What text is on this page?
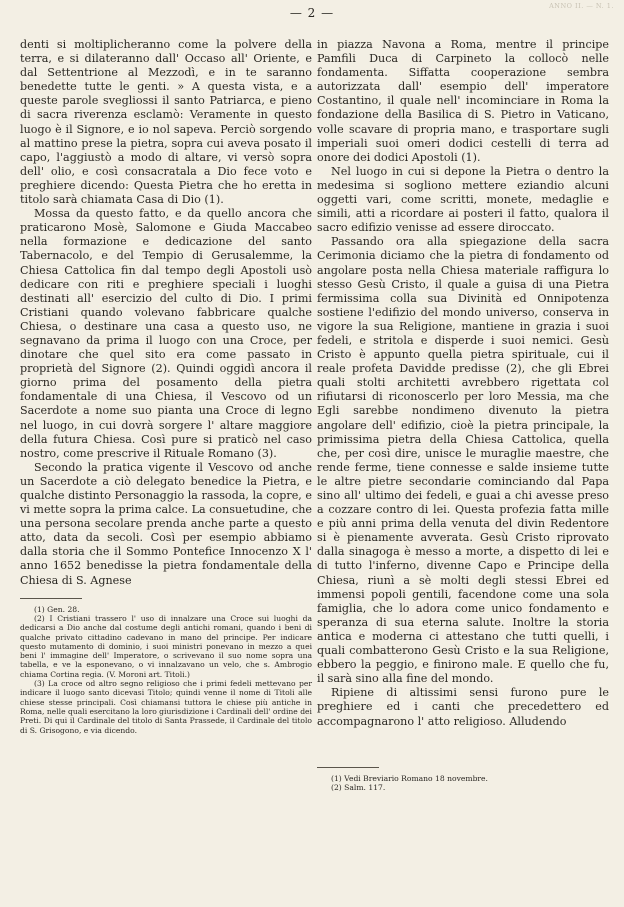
ANNO II. — N. 1.
— 2 —

denti si moltiplicheranno come la polvere della terra, e si dilateranno dall' Occaso all' Oriente, e dal Settentrione al Mezzodì, e in te saranno benedette tutte le genti. » A questa vista, e a queste parole svegliossi il santo Patriarca, e pieno di sacra riverenza esclamò: Veramente in questo luogo è il Signore, e io nol sapeva. Perciò sorgendo al mattino prese la pietra, sopra cui aveva posato il capo, l'aggiustò a modo di altare, vi versò sopra dell' olio, e così consacratala a Dio fece voto e preghiere dicendo: Questa Pietra che ho eretta in titolo sarà chiamata Casa di Dio (1).

Mossa da questo fatto, e da quello ancora che praticarono Mosè, Salomone e Giuda Maccabeo nella formazione e dedicazione del santo Tabernacolo, e del Tempio di Gerusalemme, la Chiesa Cattolica fin dal tempo degli Apostoli usò dedicare con riti e preghiere speciali i luoghi destinati all' esercizio del culto di Dio. I primi Cristiani quando volevano fabbricare qualche Chiesa, o destinare una casa a questo uso, ne segnavano da prima il luogo con una Croce, per dinotare che quel sito era come passato in proprietà del Signore (2). Quindi oggidì ancora il giorno prima del posamento della pietra fondamentale di una Chiesa, il Vescovo od un Sacerdote a nome suo pianta una Croce di legno nel luogo, in cui dovrà sorgere l' altare maggiore della futura Chiesa. Così pure si praticò nel caso nostro, come prescrive il Rituale Romano (3).

Secondo la pratica vigente il Vescovo od anche un Sacerdote a ciò delegato benedice la Pietra, e qualche distinto Personaggio la rassoda, la copre, e vi mette sopra la prima calce. La consuetudine, che una persona secolare prenda anche parte a questo atto, data da secoli. Così per esempio abbiamo dalla storia che il Sommo Pontefice Innocenzo X l' anno 1652 benedisse la pietra fondamentale della Chiesa di S. Agnese

(1) Gen. 28.

(2) I Cristiani trassero l' uso di innalzare una Croce sui luoghi da dedicarsi a Dio anche dal costume degli antichi romani, quando i beni di qualche privato cittadino cadevano in mano del principe. Per indicare questo mutamento di dominio, i suoi ministri ponevano in mezzo a quei beni l' immagine dell' Imperatore, o scrivevano il suo nome sopra una tabella, e ve la esponevano, o vi innalzavano un velo, che s. Ambrogio chiama Cortina regia. (V. Moroni art. Titoli.)

(3) La croce od altro segno religioso che i primi fedeli mettevano per indicare il luogo santo dicevasi Titolo; quindi venne il nome di Titoli alle chiese stesse principali. Così chiamansi tuttora le chiese più antiche in Roma, nelle quali esercitano la loro giurisdizione i Cardinali dell' ordine dei Preti. Di qui il Cardinale del titolo di Santa Prassede, il Cardinale del titolo di S. Grisogono, e via dicendo.

in piazza Navona a Roma, mentre il principe Pamfili Duca di Carpineto la collocò nelle fondamenta. Siffatta cooperazione sembra autorizzata dall' esempio dell' imperatore Costantino, il quale nell' incominciare in Roma la fondazione della Basilica di S. Pietro in Vaticano, volle scavare di propria mano, e trasportare sugli imperiali suoi omeri dodici cestelli di terra ad onore dei dodici Apostoli (1).

Nel luogo in cui si depone la Pietra o dentro la medesima si sogliono mettere eziandio alcuni oggetti vari, come scritti, monete, medaglie e simili, atti a ricordare ai posteri il fatto, qualora il sacro edifizio venisse ad essere diroccato.

Passando ora alla spiegazione della sacra Cerimonia diciamo che la pietra di fondamento od angolare posta nella Chiesa materiale raffigura lo stesso Gesù Cristo, il quale a guisa di una Pietra fermissima colla sua Divinità ed Onnipotenza sostiene l'edifizio del mondo universo, conserva in vigore la sua Religione, mantiene in grazia i suoi fedeli, e stritola e disperde i suoi nemici. Gesù Cristo è appunto quella pietra spirituale, cui il reale profeta Davidde predisse (2), che gli Ebrei quali stolti architetti avrebbero rigettata col rifiutarsi di riconoscerlo per loro Messia, ma che Egli sarebbe nondimeno divenuto la pietra angolare dell' edifizio, cioè la pietra principale, la primissima pietra della Chiesa Cattolica, quella che, per così dire, unisce le muraglie maestre, che rende ferme, tiene connesse e salde insieme tutte le altre pietre secondarie cominciando dal Papa sino all' ultimo dei fedeli, e guai a chi avesse preso a cozzare contro di lei. Questa profezia fatta mille e più anni prima della venuta del divin Redentore si è pienamente avverata. Gesù Cristo riprovato dalla sinagoga è messo a morte, a dispetto di lei e di tutto l'inferno, divenne Capo e Principe della Chiesa, riunì a sè molti degli stessi Ebrei ed immensi popoli gentili, facendone come una sola famiglia, che lo adora come unico fondamento e speranza di sua eterna salute. Inoltre la storia antica e moderna ci attestano che tutti quelli, i quali combatterono Gesù Cristo e la sua Religione, ebbero la peggio, e finirono male. E quello che fu, il sarà sino alla fine del mondo.

Ripiene di altissimi sensi furono pure le preghiere ed i canti che precedettero ed accompagnarono l' atto religioso. Alludendo

(1) Vedi Breviario Romano 18 novembre.

(2) Salm. 117.
